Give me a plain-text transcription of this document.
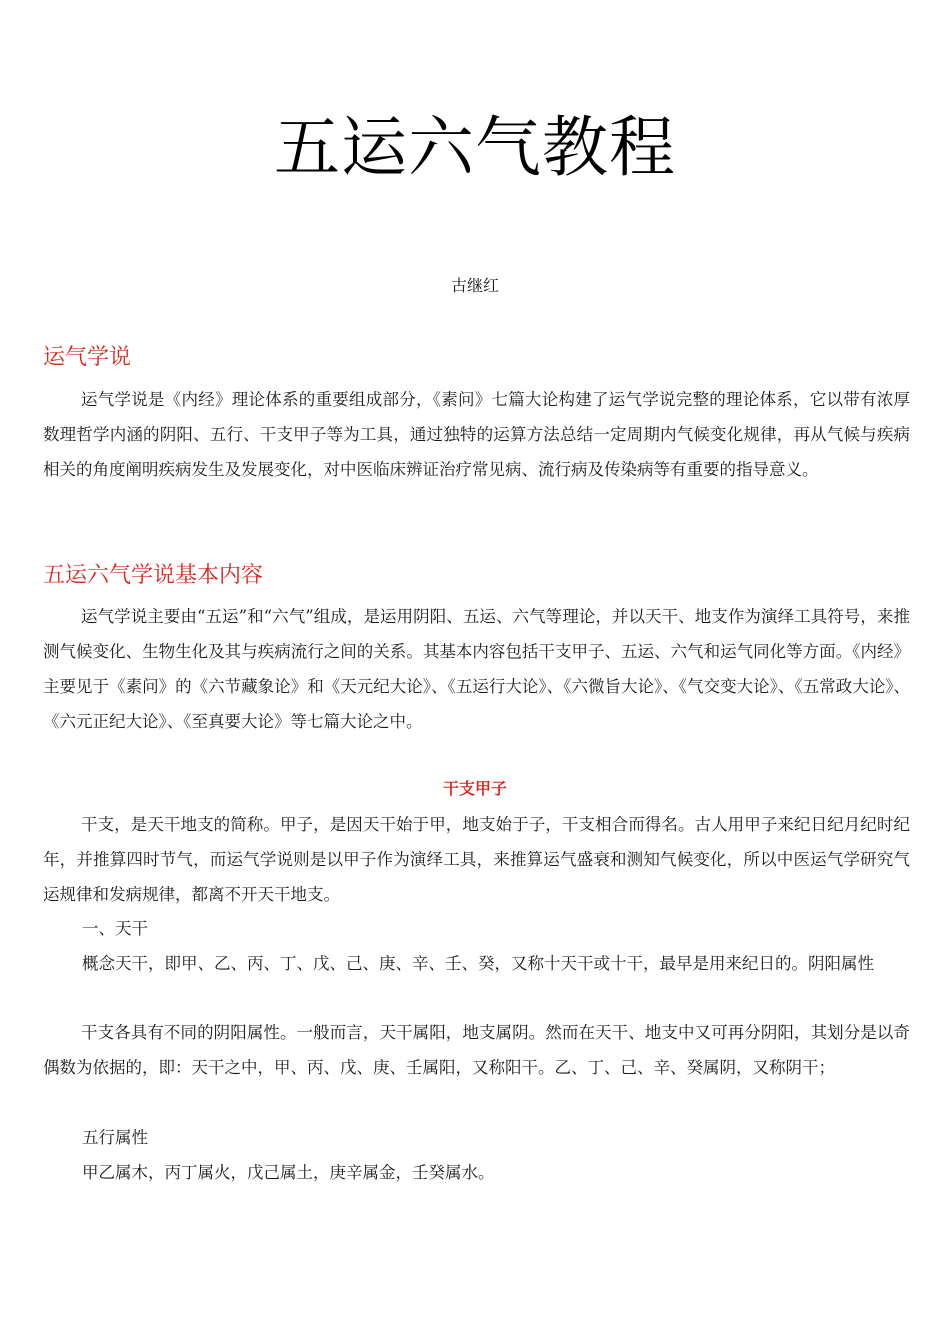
五运六气教程
古继红
运气学说

运气学说是《内经》理论体系的重要组成部分，《素问》七篇大论构建了运气学说完整的理论体系，它以带有浓厚数理哲学内涵的阴阳、五行、干支甲子等为工具，通过独特的运算方法总结一定周期内气候变化规律，再从气候与疾病相关的角度阐明疾病发生及发展变化，对中医临床辨证治疗常见病、流行病及传染病等有重要的指导意义。

五运六气学说基本内容

运气学说主要由“五运”和“六气”组成，是运用阴阳、五运、六气等理论，并以天干、地支作为演绎工具符号，来推测气候变化、生物生化及其与疾病流行之间的关系。其基本内容包括干支甲子、五运、六气和运气同化等方面。《内经》主要见于《素问》的《六节藏象论》和《天元纪大论》、《五运行大论》、《六微旨大论》、《气交变大论》、《五常政大论》、《六元正纪大论》、《至真要大论》等七篇大论之中。

干支甲子

干支，是天干地支的简称。甲子，是因天干始于甲，地支始于子，干支相合而得名。古人用甲子来纪日纪月纪时纪年，并推算四时节气，而运气学说则是以甲子作为演绎工具，来推算运气盛衰和测知气候变化，所以中医运气学研究气运规律和发病规律，都离不开天干地支。

一、天干

概念天干，即甲、乙、丙、丁、戊、己、庚、辛、壬、癸，又称十天干或十干，最早是用来纪日的。阴阳属性

干支各具有不同的阴阳属性。一般而言，天干属阳，地支属阴。然而在天干、地支中又可再分阴阳，其划分是以奇偶数为依据的，即：天干之中，甲、丙、戊、庚、壬属阳，又称阳干。乙、丁、己、辛、癸属阴，又称阴干；

五行属性
甲乙属木，丙丁属火，戊己属土，庚辛属金，壬癸属水。
